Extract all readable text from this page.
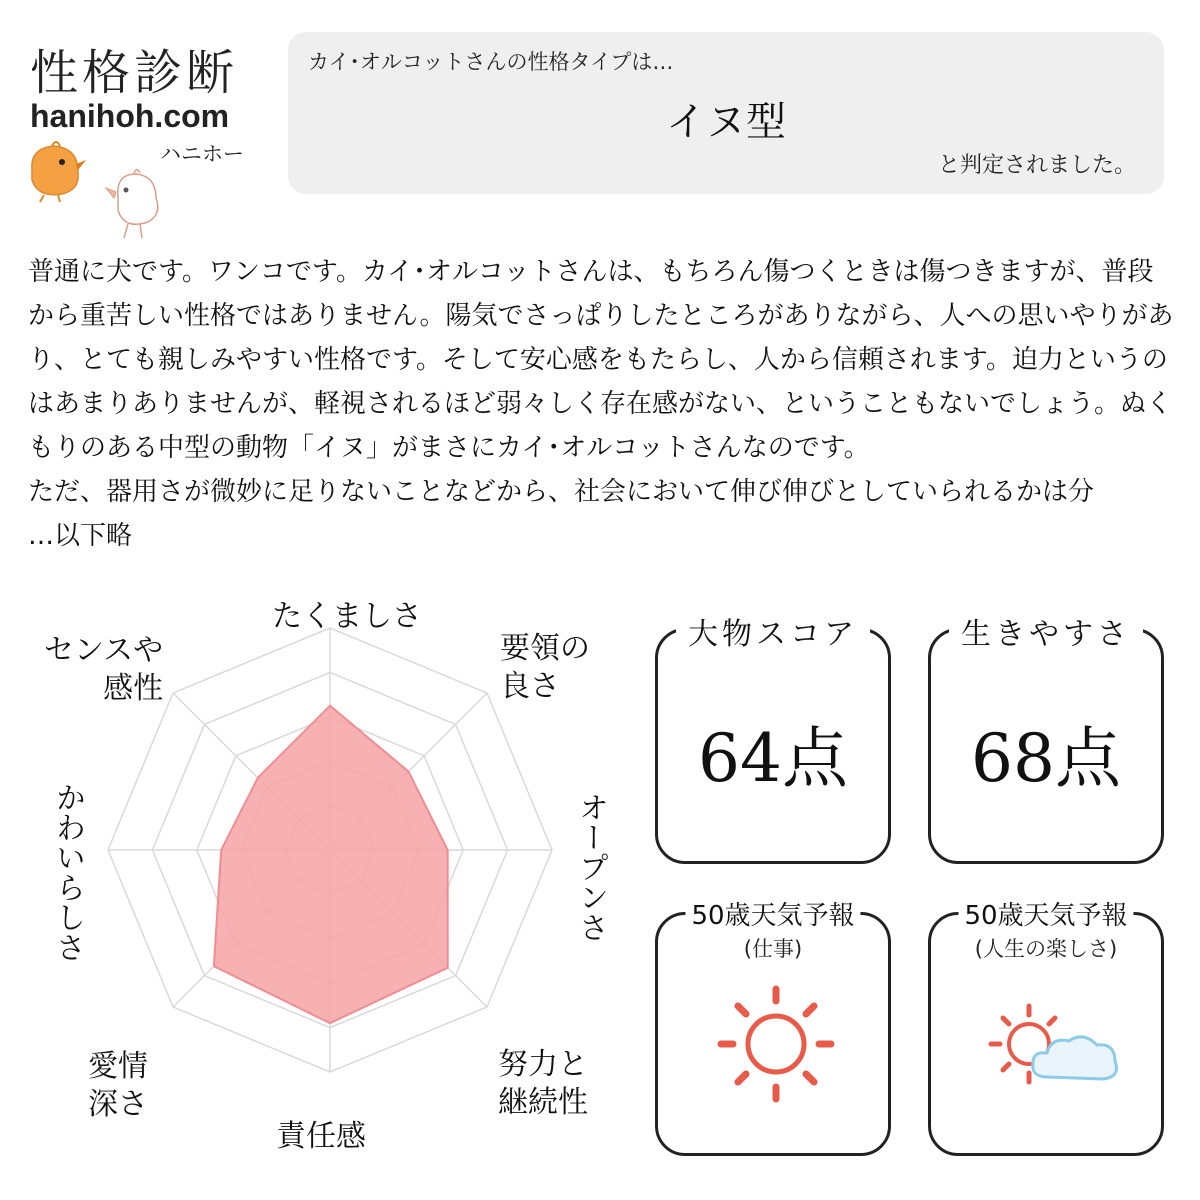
性格診断
hanihoh.com
ハニホー
カイ･オルコットさんの性格タイプは…
イヌ型
と判定されました。

普通に犬です。ワンコです。カイ･オルコットさんは、もちろん傷つくときは傷つきますが、普段から重苦しい性格ではありません。陽気でさっぱりしたところがありながら、人への思いやりがあり、とても親しみやすい性格です。そして安心感をもたらし、人から信頼されます。迫力というのはあまりありませんが、軽視されるほど弱々しく存在感がない、ということもないでしょう。ぬくもりのある中型の動物「イヌ」がまさにカイ･オルコットさんなのです。

ただ、器用さが微妙に足りないことなどから、社会において伸び伸びとしていられるかは分

…以下略

たくましさ
要領の
良さ
オープンさ
努力と
継続性
責任感
愛情
深さ
かわいらしさ
センスや
感性
大物スコア
64点
生きやすさ
68点
50歳天気予報
(仕事)
50歳天気予報
(人生の楽しさ)
